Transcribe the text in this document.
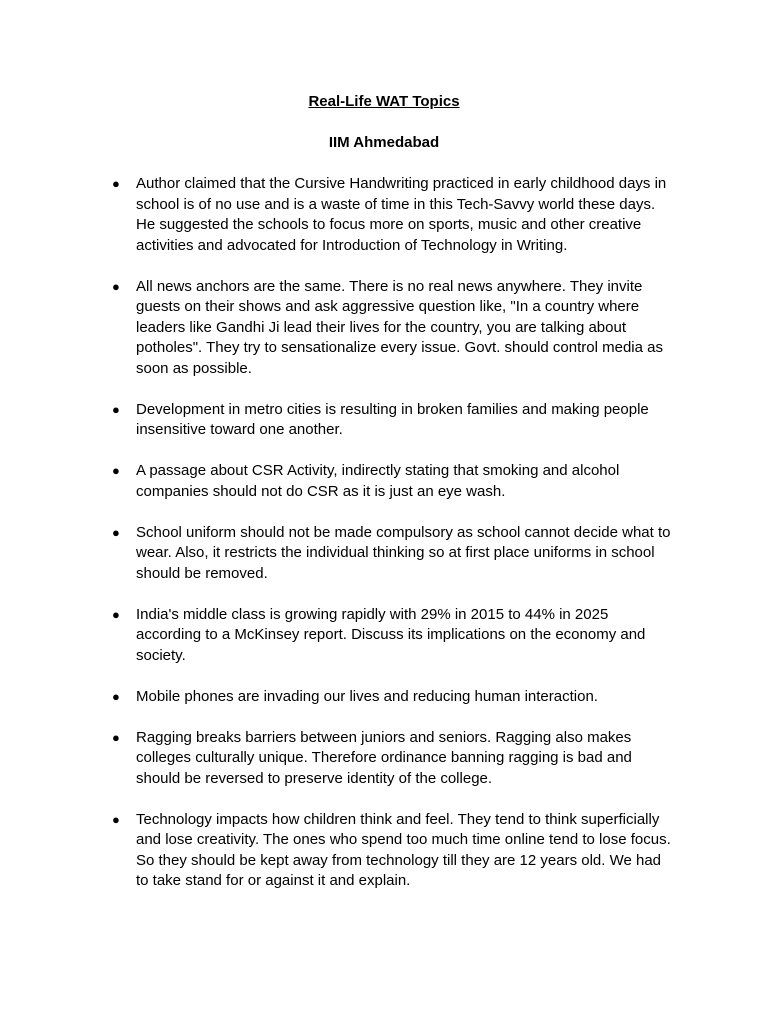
Real-Life WAT Topics
IIM Ahmedabad
● Author claimed that the Cursive Handwriting practiced in early childhood days in
school is of no use and is a waste of time in this Tech-Savvy world these days.
He suggested the schools to focus more on sports, music and other creative
activities and advocated for Introduction of Technology in Writing.
● All news anchors are the same. There is no real news anywhere. They invite
guests on their shows and ask aggressive question like, "In a country where
leaders like Gandhi Ji lead their lives for the country, you are talking about
potholes". They try to sensationalize every issue. Govt. should control media as
soon as possible.
● Development in metro cities is resulting in broken families and making people
insensitive toward one another.
● A passage about CSR Activity, indirectly stating that smoking and alcohol
companies should not do CSR as it is just an eye wash.
● School uniform should not be made compulsory as school cannot decide what to
wear. Also, it restricts the individual thinking so at first place uniforms in school
should be removed.
● India's middle class is growing rapidly with 29% in 2015 to 44% in 2025
according to a McKinsey report. Discuss its implications on the economy and
society.
● Mobile phones are invading our lives and reducing human interaction.
● Ragging breaks barriers between juniors and seniors. Ragging also makes
colleges culturally unique. Therefore ordinance banning ragging is bad and
should be reversed to preserve identity of the college.
● Technology impacts how children think and feel. They tend to think superficially
and lose creativity. The ones who spend too much time online tend to lose focus.
So they should be kept away from technology till they are 12 years old. We had
to take stand for or against it and explain.
